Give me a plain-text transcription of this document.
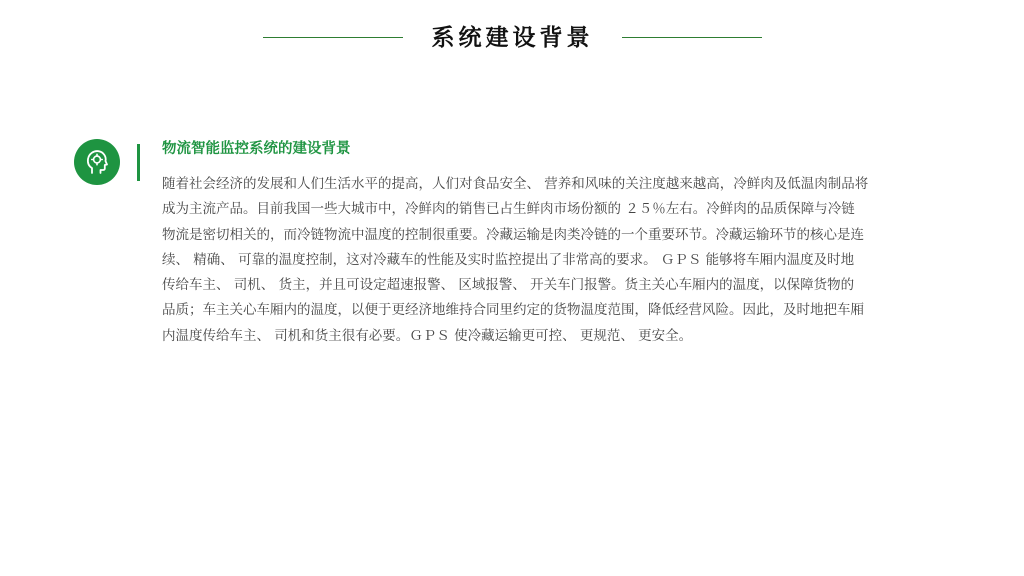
系统建设背景
物流智能监控系统的建设背景
随着社会经济的发展和人们生活水平的提高，人们对食品安全、 营养和风味的关注度越来越高，冷鲜肉及低温肉制品将
成为主流产品。目前我国一些大城市中，冷鲜肉的销售已占生鲜肉市场份额的 ２５％左右。冷鲜肉的品质保障与冷链
物流是密切相关的，而冷链物流中温度的控制很重要。冷藏运输是肉类冷链的一个重要环节。冷藏运输环节的核心是连
续、 精确、 可靠的温度控制，这对冷藏车的性能及实时监控提出了非常高的要求。 ＧＰＳ 能够将车厢内温度及时地
传给车主、 司机、 货主，并且可设定超速报警、 区域报警、 开关车门报警。货主关心车厢内的温度，以保障货物的
品质；车主关心车厢内的温度，以便于更经济地维持合同里约定的货物温度范围，降低经营风险。因此，及时地把车厢
内温度传给车主、 司机和货主很有必要。ＧＰＳ 使冷藏运输更可控、 更规范、 更安全。
